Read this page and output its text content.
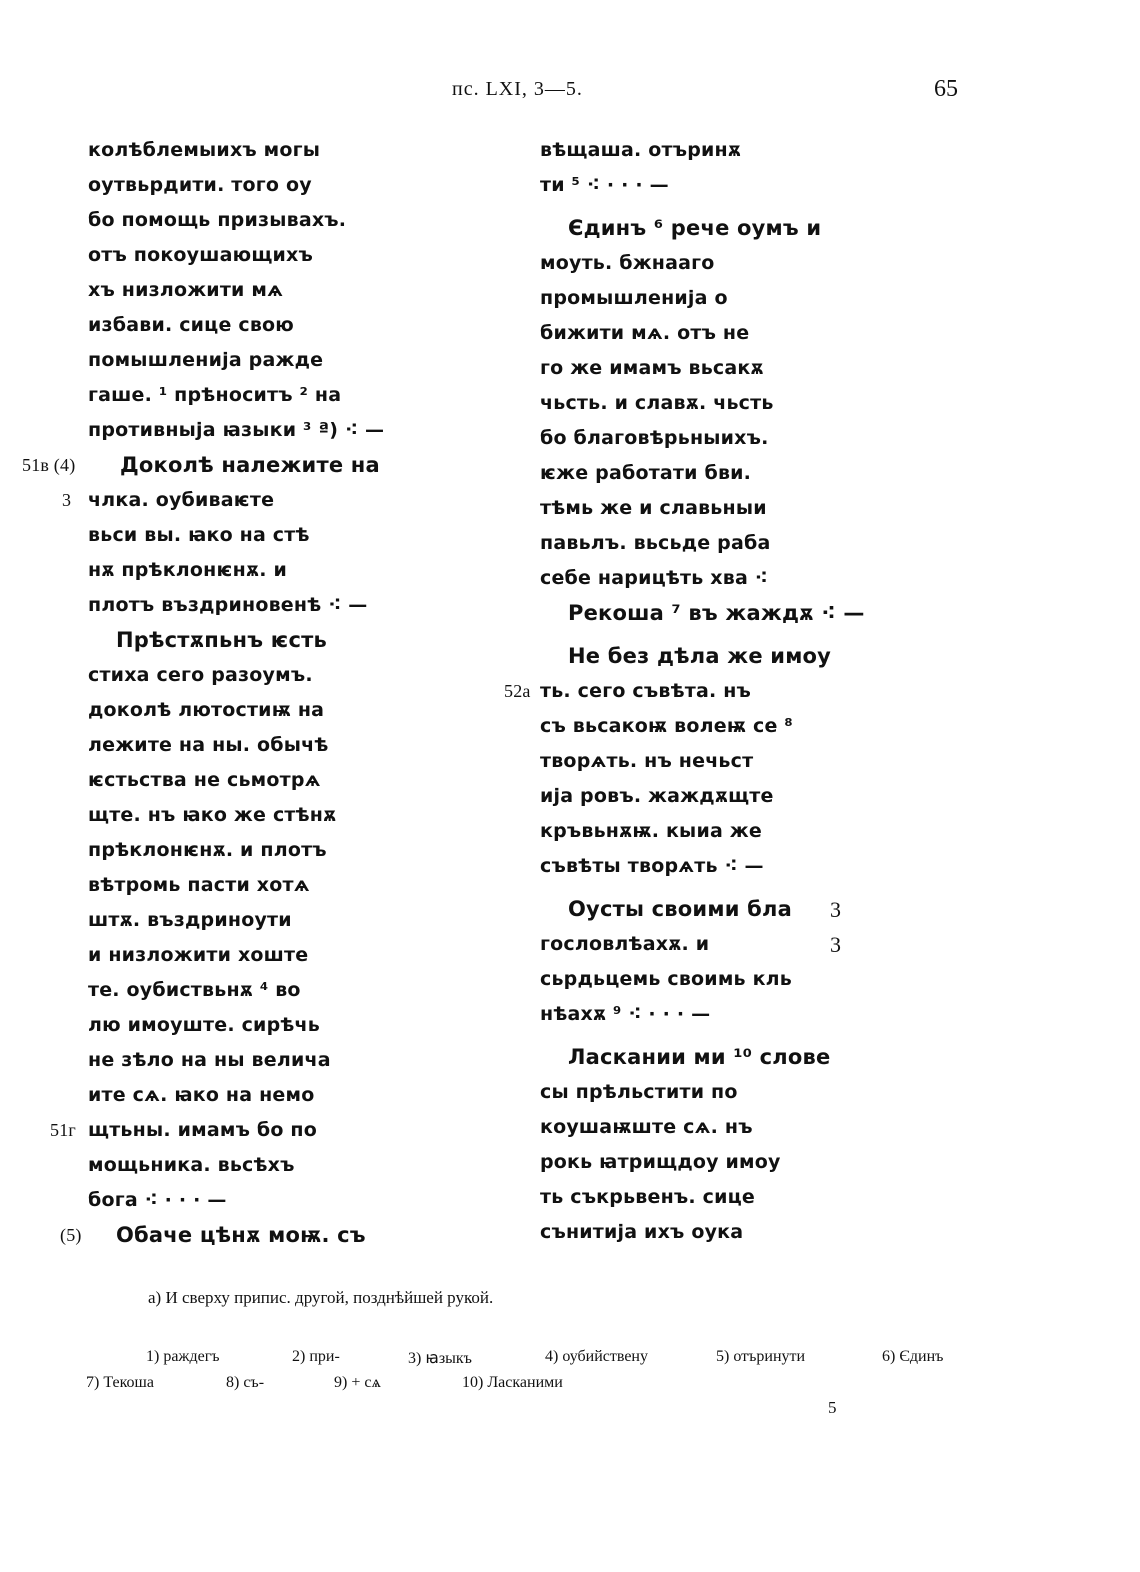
пс. LXI, 3—5.	65
колѣблемыихъ могы
оутвьрдити. того оу
бо помощь призывахъ.
отъ покоушающихъ
хъ низложити мѧ
избави. сице свою
помышленија ражде
гаше. ¹ прѣноситъ ² на
противныја ꙗзыки ³ ª) ⁖ —
51в (4) Доколѣ належите на
3 члка. оубиваѥте
вьси вы. ꙗко на стѣ
нѫ прѣклонѥнѫ. и
плотъ въздриновенѣ ⁖ —
Прѣстѫпьнъ ѥсть
стиха сего разоумъ.
доколѣ лютостиѭ на
лежите на ны. обычѣ
ѥстьства не сьмотрѧ
щте. нъ ꙗко же стѣнѫ
прѣклонѥнѫ. и плотъ
вѣтромь пасти хотѧ
штѫ. въздриноути
и низложити хоште
те. оубиствьнѫ ⁴ во
лю имоуште. сирѣчь
не зѣло на ны велича
ите сѧ. ꙗко на немо
51г щтьны. имамъ бо по
мощьника. вьсѣхъ
бога ⁖ · · · —
(5) Обаче цѣнѫ моѭ. съ
вѣщаша. отъринѫ
ти ⁵ ⁖ · · · —
Єдинъ ⁶ рече оумъ и
моуть. бжнааго
промышленија о
бижити мѧ. отъ не
го же имамъ вьсакѫ
чьсть. и славѫ. чьсть
бо благовѣрьныихъ.
ѥже работати бви.
тѣмь же и славьныи
павьлъ. вьсьде раба
себе нарицѣть хва ⁖
Рекоша ⁷ въ жаждѫ ⁖ —
Не без дѣла же имоу
52а ть. сего съвѣта. нъ
съ вьсакоѭ волеѭ се ⁸
творѧть. нъ нечьст
ија ровъ. жаждѫщте
кръвьнѫѭ. кыиа же
съвѣты творѧть ⁖ —
Оусты своими бла 3
гословлѣахѫ. и	3
сьрдьцемь своимь кль
нѣахѫ ⁹ ⁖ · · · —
Ласкании ми ¹⁰ слове
сы прѣльстити по
коушаѭште сѧ. нъ
рокь ꙗтрищдоу имоу
ть съкрьвенъ. сице
сънитија ихъ оука
а) И сверху припис. другой, позднѣйшей рукой.
1) раждегъ	2) при-	3) ꙗзыкъ	4) оубийствену	5) отъринути	6) Єдинъ
7) Текоша	8) съ-	9) + сѧ	10) Ласканими
5
